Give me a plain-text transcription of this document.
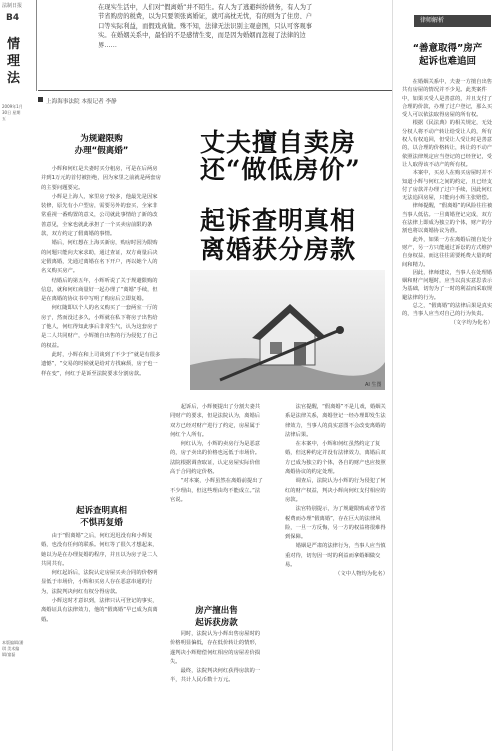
法制日报
B4
情理法
2009年1月30日 星期五
本版编辑/潘琪 美术编辑/童磊
在现实生活中，人们对“假离婚”并不陌生。有人为了逃避纠纷债务，有人为了节省购房的税费，以为只要领张离婚证，就可高枕无忧，有的则为了住房、户口等实际利益，而假戏真做。殊不知，法律无法识别主观意图，只认可客观事实。在婚姻关系中，最怕的不是感情生变，而是因为婚姻而忽视了法律的边界……
上海海事法院 本报记者 李静
丈夫擅自卖房
还“做低房价”
起诉查明真相
离婚获分房款
AI 生图
为规避限购
办理“假离婚”

小辉和何红是夫妻时买分租房，可是在后两房并到1万元的首付被拒绝，因为家里之前就是两套房的主要问题要完。

小辉是上海人，家里房子较多，他最先是因家装修，原先有小户型房，需要另外的套买，全家非常重视一番购置的意义，公司就此事情给了新的改善意见，全家也就此承担了一个买卖房前限的条款，双方约定了假离婚的事情。

婚后，何红想在上海买新房，购房时因为限购的问题只能向夫家求助，通过查证，双方商量后决定假离婚，先通过离婚在名下开户，再以她个人的名义购买房产。

结婚后的第五年，小辉听说了关于规避限购的信息，就和何红商量好一起办理了“离婚”手续，但是在离婚的协议书中写明了购房后立即复婚。

何红随即以个人的名义购买了一套两室一厅的房子，然而没过多久，小辉就在私下将房子出售给了他人，何红得知此事后非常生气，认为这套房子是二人共同财产，小辉擅自出售的行为侵犯了自己的权益。

此时，小辉在和上司谈到了不少于“就是有很多遗憾”，“交易的时候就是给对方找麻烦，房子也一样在变”，何红于是诉至法院要求分割房款。

起诉查明真相
不惧再复婚

由于“假离婚”之后，何红迟迟没有和小辉复婚，也没有任何的联系。何红等了很久才想起来，她以为是在办理复婚的程序，并且以为房子是二人共同共有。

何红起诉后，法院认定房屋买卖合同的价格明显低于市场价，小辉和买房人存在恶意串通的行为，法院判决何红有权分得房款。

小辉这时才意识到，法律只认可登记的事实，离婚证具有法律效力，他的“假离婚”早已成为真离婚。

起诉后，小辉便提出了分割夫妻共同财产的要求，但是法院认为，离婚后双方已经对财产进行了约定，房屋属于何红个人所有。

何红认为，小辉的卖房行为是恶意的，房子卖出的价格也远低于市场价。法院根据调查取证，认定房屋实际价值高于合同约定价格。

“对本案，小辉虽然在离婚前提出了不少理由，但这些理由均不能成立。”法官说。

房产擅出售
起诉获房款

同时，法院认为小辉出售房屋时的价格明显偏低，存在低价转让的情形，遂判决小辉赔偿何红相应的房屋差价损失。

最终，法院判决何红获得房款的一半，共计人民币数十万元。

法官提醒，“假离婚”不是儿戏，婚姻关系是法律关系，离婚登记一经办理即发生法律效力，当事人的真实意图不会改变离婚的法律后果。

在本案中，小辉和何红虽然约定了复婚，但这种约定并没有法律效力，离婚后双方已成为独立的个体，各自的财产也应按照离婚协议的约定处理。

调查后，法院认为小辉的行为侵犯了何红的财产权益，判决小辉向何红支付相应的房款。

法官特别提示，为了规避限购或者节省税费而办理“假离婚”，存在巨大的法律风险，一旦一方反悔，另一方的权益将很难得到保障。

婚姻是严肃的法律行为，当事人应当慎重对待，切勿因一时的利益而拿婚姻做交易。

（文中人物均为化名）

律师解析
“善意取得”房产
起诉也难追回

在婚姻关系中，夫妻一方擅自出售共有房屋的情况并不少见。此类案件中，如果买受人是善意的，并且支付了合理的价款，办理了过户登记，那么买受人可以依法取得房屋的所有权。

根据《民法典》的相关规定，无处分权人将不动产转让给受让人的，所有权人有权追回，但受让人受让时是善意的，以合理的价格转让，转让的不动产依照法律规定应当登记的已经登记，受让人取得该不动产的所有权。

本案中，买房人在购买房屋时并不知道小辉与何红之间的约定，且已经支付了房款并办理了过户手续，因此何红无法追回房屋，只能向小辉主张赔偿。

律师提醒，“假离婚”的风险往往被当事人低估。一旦离婚登记完成，双方在法律上即成为独立的个体，财产的分割也将以离婚协议为准。

此外，如果一方在离婚后擅自处分财产，另一方只能通过诉讼的方式维护自身权益，而这往往需要耗费大量的时间和精力。

因此，律师建议，当事人在处理婚姻和财产问题时，应当以真实意思表示为基础，切勿为了一时的利益而采取规避法律的行为。

总之，“假离婚”的法律后果是真实的，当事人应当对自己的行为负责。

（文字均为化名）
